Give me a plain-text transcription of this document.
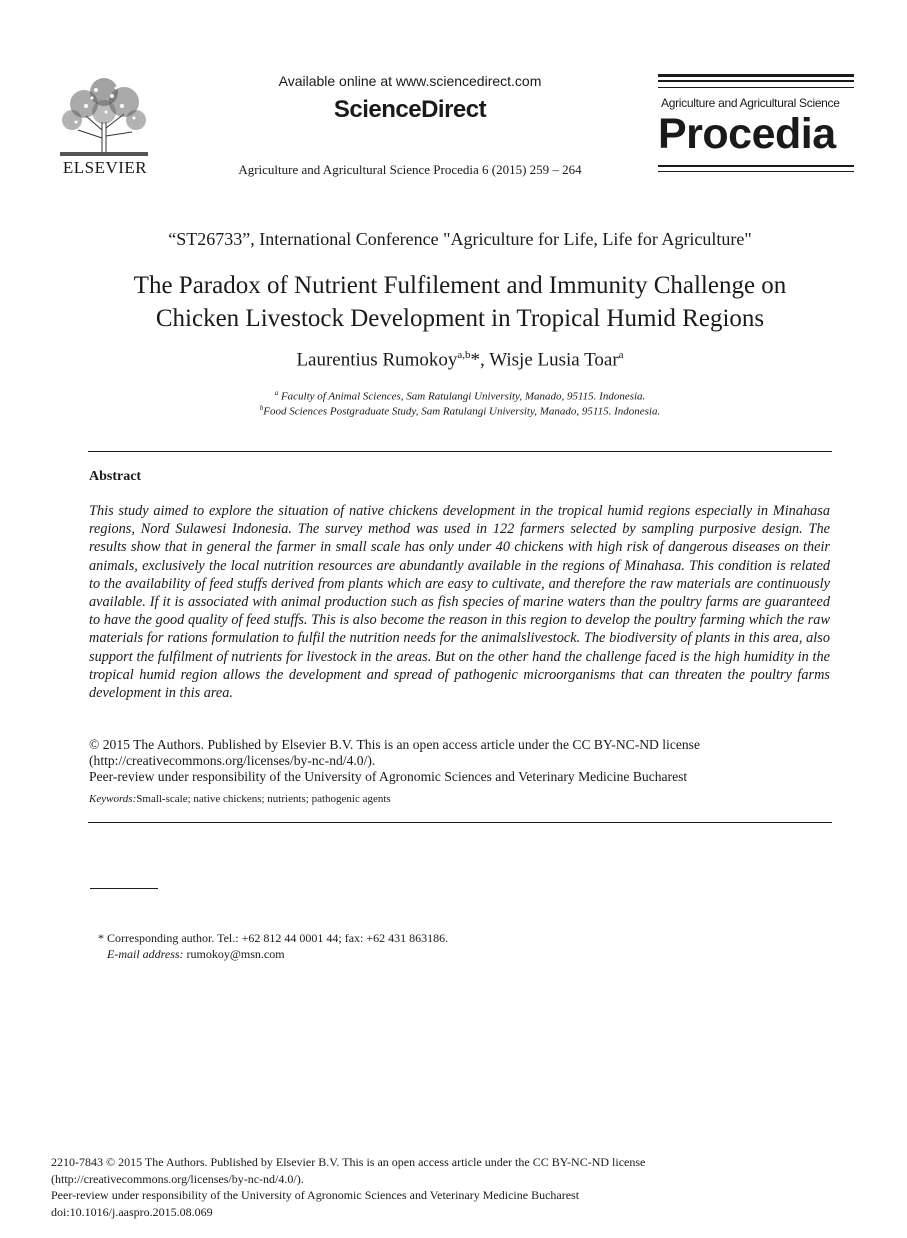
ELSEVIER
Available online at www.sciencedirect.com
ScienceDirect
Agriculture and Agricultural Science Procedia 6 (2015) 259 – 264
Agriculture and Agricultural Science
Procedia
“ST26733”, International Conference "Agriculture for Life, Life for Agriculture"
The Paradox of Nutrient Fulfilement and Immunity Challenge on
Chicken Livestock Development in Tropical Humid Regions
Laurentius Rumokoy$^{a,b}$*, Wisje Lusia Toar$^a$
$^a$ Faculty of Animal Sciences, Sam Ratulangi University, Manado, 95115. Indonesia.
$^b$Food Sciences Postgraduate Study, Sam Ratulangi University, Manado, 95115. Indonesia.
Abstract
This study aimed to explore the situation of native chickens development in the tropical humid regions especially in Minahasa regions, Nord Sulawesi Indonesia. The survey method was used in 122 farmers selected by sampling purposive design. The results show that in general the farmer in small scale has only under 40 chickens with high risk of dangerous diseases on their animals, exclusively the local nutrition resources are abundantly available in the regions of Minahasa. This condition is related to the availability of feed stuffs derived from plants which are easy to cultivate, and therefore the raw materials are continuously available. If it is associated with animal production such as fish species of marine waters than the poultry farms are guaranteed to have the good quality of feed stuffs. This is also become the reason in this region to develop the poultry farming which the raw materials for rations formulation to fulfil the nutrition needs for the animalslivestock. The biodiversity of plants in this area, also support the fulfilment of nutrients for livestock in the areas. But on the other hand the challenge faced is the high humidity in the tropical humid region allows the development and spread of pathogenic microorganisms that can threaten the poultry farms development in this area.
© 2015 The Authors. Published by Elsevier B.V. This is an open access article under the CC BY-NC-ND license
(http://creativecommons.org/licenses/by-nc-nd/4.0/).
Peer-review under responsibility of the University of Agronomic Sciences and Veterinary Medicine Bucharest
Keywords:Small-scale; native chickens; nutrients; pathogenic agents
* Corresponding author. Tel.: +62 812 44 0001 44; fax: +62 431 863186.
E-mail address: rumokoy@msn.com
2210-7843 © 2015 The Authors. Published by Elsevier B.V. This is an open access article under the CC BY-NC-ND license
(http://creativecommons.org/licenses/by-nc-nd/4.0/).
Peer-review under responsibility of the University of Agronomic Sciences and Veterinary Medicine Bucharest
doi:10.1016/j.aaspro.2015.08.069
